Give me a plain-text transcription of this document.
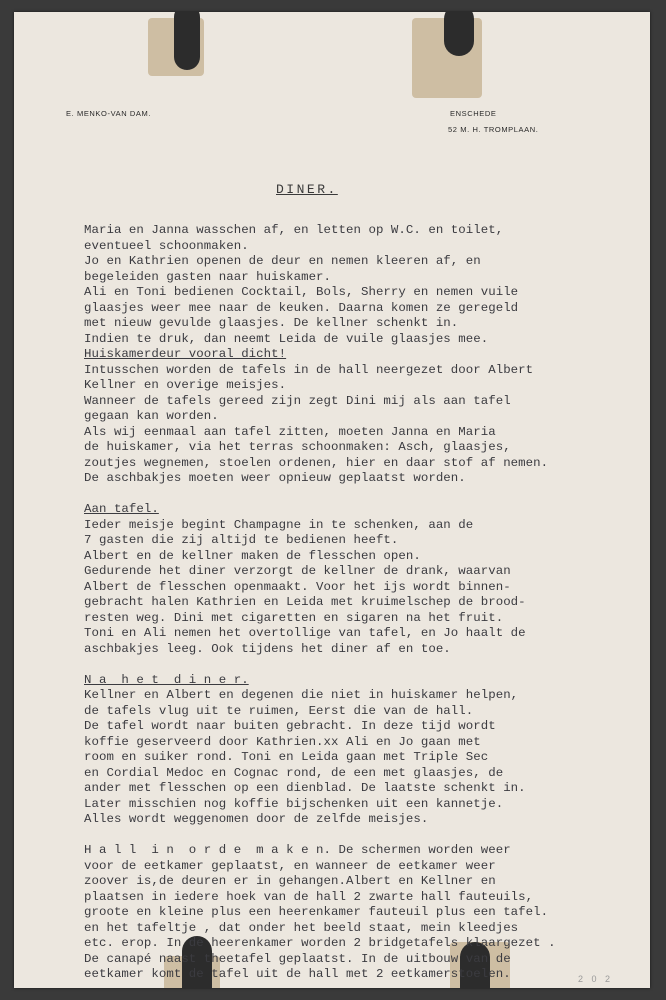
E. MENKO-VAN DAM.	ENSCHEDE
52 M. H. TROMPLAAN.
DINER.
Maria en Janna wasschen af, en letten op W.C. en toilet,
eventueel schoonmaken.
Jo en Kathrien openen de deur en nemen kleeren af, en
begeleiden gasten naar huiskamer.
Ali en Toni bedienen Cocktail, Bols, Sherry en nemen vuile
glaasjes weer mee naar de keuken. Daarna komen ze geregeld
met nieuw gevulde glaasjes. De kellner schenkt in.
Indien te druk, dan neemt Leida de vuile glaasjes mee.
Huiskamerdeur vooral dicht!
Intusschen worden de tafels in de hall neergezet door Albert
Kellner en overige meisjes.
Wanneer de tafels gereed zijn zegt Dini mij als aan tafel
gegaan kan worden.
Als wij eenmaal aan tafel zitten, moeten Janna en Maria
de huiskamer, via het terras schoonmaken: Asch, glaasjes,
zoutjes wegnemen, stoelen ordenen, hier en daar stof af nemen.
De aschbakjes moeten weer opnieuw geplaatst worden.
Aan tafel.
Ieder meisje begint Champagne in te schenken, aan de
7 gasten die zij altijd te bedienen heeft.
Albert en de kellner maken de flesschen open.
Gedurende het diner verzorgt de kellner de drank, waarvan
Albert de flesschen openmaakt. Voor het ijs wordt binnen-
gebracht halen Kathrien en Leida met kruimelschep de brood-
resten weg. Dini met cigaretten en sigaren na het fruit.
Toni en Ali nemen het overtollige van tafel, en Jo haalt de
aschbakjes leeg. Ook tijdens het diner af en toe.
N a  h e t  d i n e r.
Kellner en Albert en degenen die niet in huiskamer helpen,
de tafels vlug uit te ruimen, Eerst die van de hall.
De tafel wordt naar buiten gebracht. In deze tijd wordt
koffie geserveerd door Kathrien.xx Ali en Jo gaan met
room en suiker rond. Toni en Leida gaan met Triple Sec
en Cordial Medoc en Cognac rond, de een met glaasjes, de
ander met flesschen op een dienblad. De laatste schenkt in.
Later misschien nog koffie bijschenken uit een kannetje.
Alles wordt weggenomen door de zelfde meisjes.
H a l l  i n  o r d e  m a k e n. De schermen worden weer
voor de eetkamer geplaatst, en wanneer de eetkamer weer
zoover is,de deuren er in gehangen.Albert en Kellner en
plaatsen in iedere hoek van de hall 2 zwarte hall fauteuils,
groote en kleine plus een heerenkamer fauteuil plus een tafel.
en het tafeltje , dat onder het beeld staat, mein kleedjes
etc. erop. In de heerenkamer worden 2 bridgetafels klaargezet .
De canapé naast theetafel geplaatst. In de uitbouw van de
eetkamer komt de tafel uit de hall met 2 eetkamerstoelen.	2 0 2
